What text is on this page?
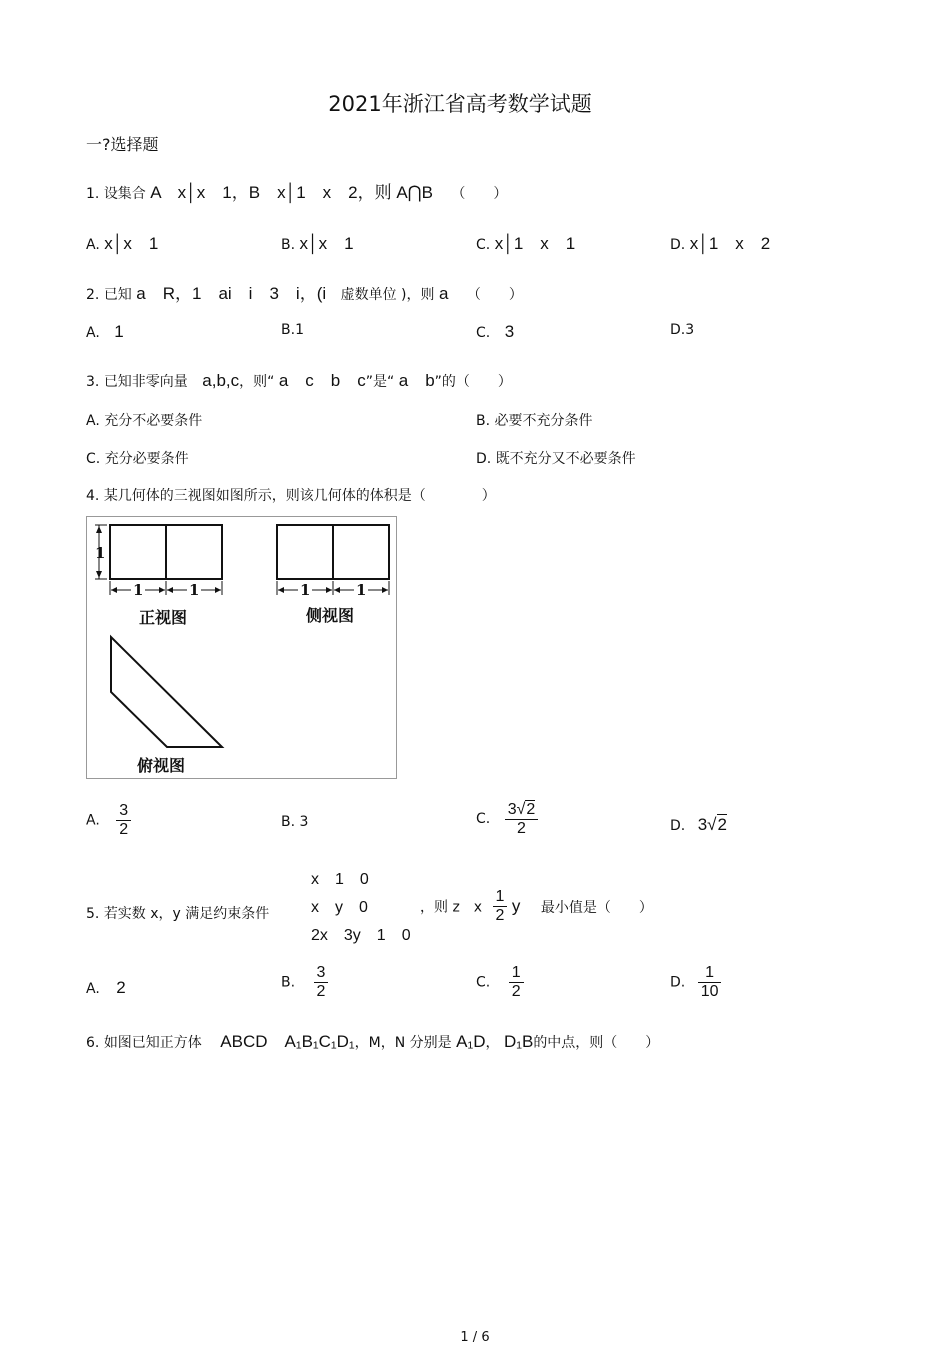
2021年浙江省高考数学试题
一?选择题
1. 设集合 A　x│x　1，B　x│1　x　2，则 A⋂B （　　）
A. x│x　1	B. x│x　1	C. x│1　x　1	D. x│1　x　2
2. 已知 a　R，1　ai　i　3　i，(i 虚数单位 )，则 a （　　）
A. 1	B.1	C. 3	D.3
3. 已知非零向量 a,b,c，则“ a　c　b　c”是“ a　b”的（　　）
A. 充分不必要条件	B. 必要不充分条件
C. 充分必要条件	D. 既不充分又不必要条件
4. 某几何体的三视图如图所示，则该几何体的体积是（　　　　）
1
1	1
正视图
1	1
侧视图
俯视图
A. $\frac{3}{2}$	B. 3	C. $\frac{3√2}{2}$	D. 3√2
5. 若实数 x，y 满足约束条件
x　1　0
x　y　0
2x　3y　1　0
，则 z　x $\frac{1}{2}$ y 最小值是（　　）
A. 2	B. $\frac{3}{2}$	C. $\frac{1}{2}$	D. $\frac{1}{10}$
6. 如图已知正方体 ABCD　A₁B₁C₁D₁，M，N 分别是 A₁D， D₁B的中点，则（　　）
1 / 6
